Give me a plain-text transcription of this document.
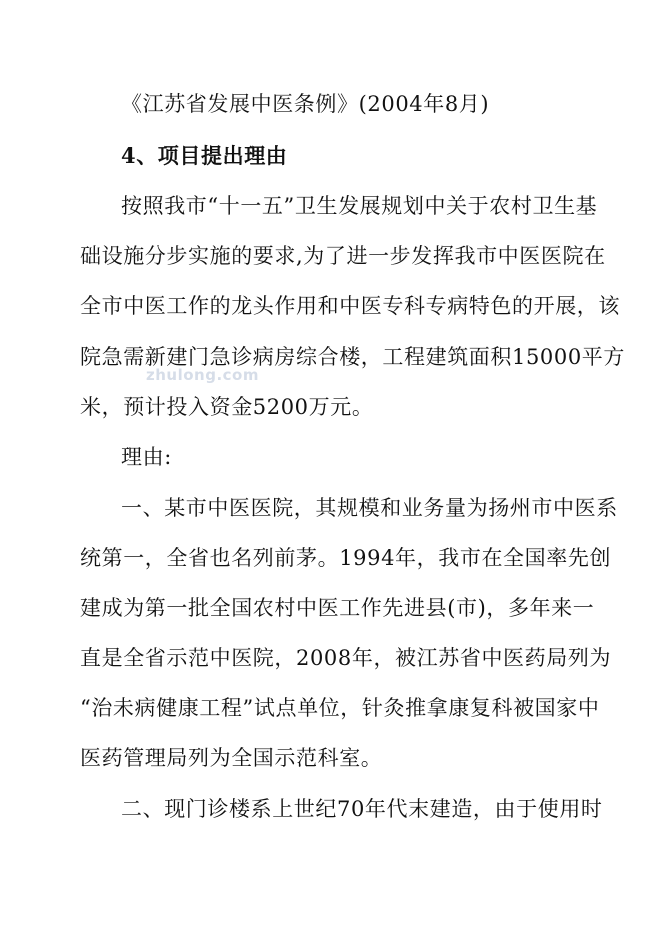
zhulong.com
《江苏省发展中医条例》(2004年8月)
4、项目提出理由
按照我市“十一五”卫生发展规划中关于农村卫生基
础设施分步实施的要求,为了进一步发挥我市中医医院在
全市中医工作的龙头作用和中医专科专病特色的开展，该
院急需新建门急诊病房综合楼，工程建筑面积15000平方
米，预计投入资金5200万元。
理由:
一、某市中医医院，其规模和业务量为扬州市中医系
统第一，全省也名列前茅。1994年，我市在全国率先创
建成为第一批全国农村中医工作先进县(市)，多年来一
直是全省示范中医院，2008年，被江苏省中医药局列为
“治未病健康工程”试点单位，针灸推拿康复科被国家中
医药管理局列为全国示范科室。
二、现门诊楼系上世纪70年代末建造，由于使用时
